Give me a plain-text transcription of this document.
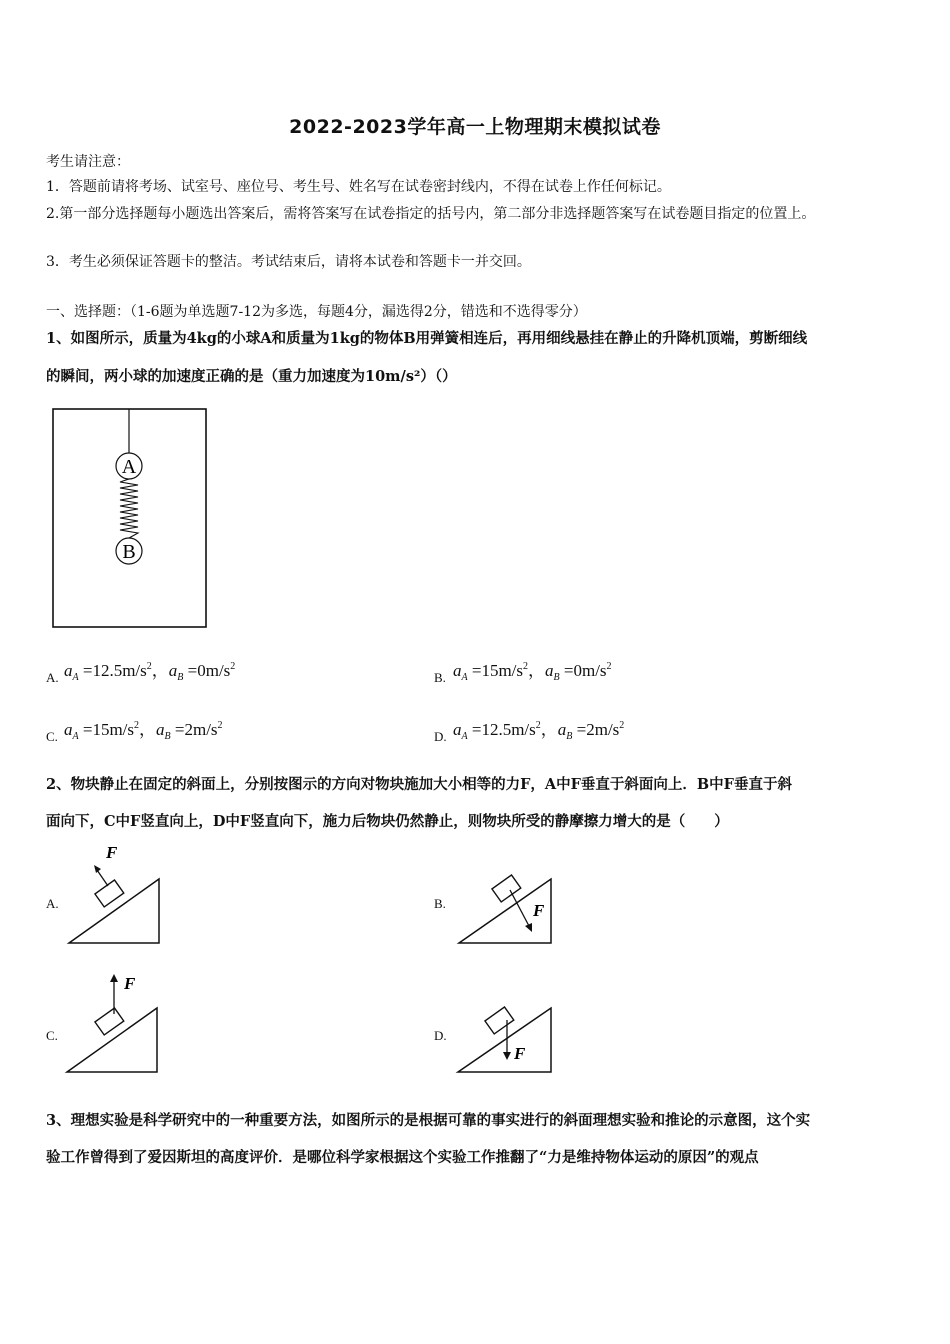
2022-2023学年高一上物理期末模拟试卷
考生请注意：
1．答题前请将考场、试室号、座位号、考生号、姓名写在试卷密封线内，不得在试卷上作任何标记。
2.第一部分选择题每小题选出答案后，需将答案写在试卷指定的括号内，第二部分非选择题答案写在试卷题目指定的位置上。
3．考生必须保证答题卡的整洁。考试结束后，请将本试卷和答题卡一并交回。
一、选择题：（1-6题为单选题7-12为多选，每题4分，漏选得2分，错选和不选得零分）
1、如图所示，质量为4kg的小球A和质量为1kg的物体B用弹簧相连后，再用细线悬挂在静止的升降机顶端，剪断细线
的瞬间，两小球的加速度正确的是（重力加速度为10m/s²）（）
A
B
A. $a_A =12.5m/s^2$，$a_B =0m/s^2$
B. $a_A =15m/s^2$，$a_B =0m/s^2$
C. $a_A =15m/s^2$，$a_B =2m/s^2$
D. $a_A =12.5m/s^2$，$a_B =2m/s^2$
2、物块静止在固定的斜面上，分别按图示的方向对物块施加大小相等的力F，A中F垂直于斜面向上．B中F垂直于斜
面向下，C中F竖直向上，D中F竖直向下，施力后物块仍然静止，则物块所受的静摩擦力增大的是（　　）
A.
F
B.	F
C.
F
D.
F
3、理想实验是科学研究中的一种重要方法，如图所示的是根据可靠的事实进行的斜面理想实验和推论的示意图，这个实
验工作曾得到了爱因斯坦的高度评价．是哪位科学家根据这个实验工作推翻了“力是维持物体运动的原因”的观点
